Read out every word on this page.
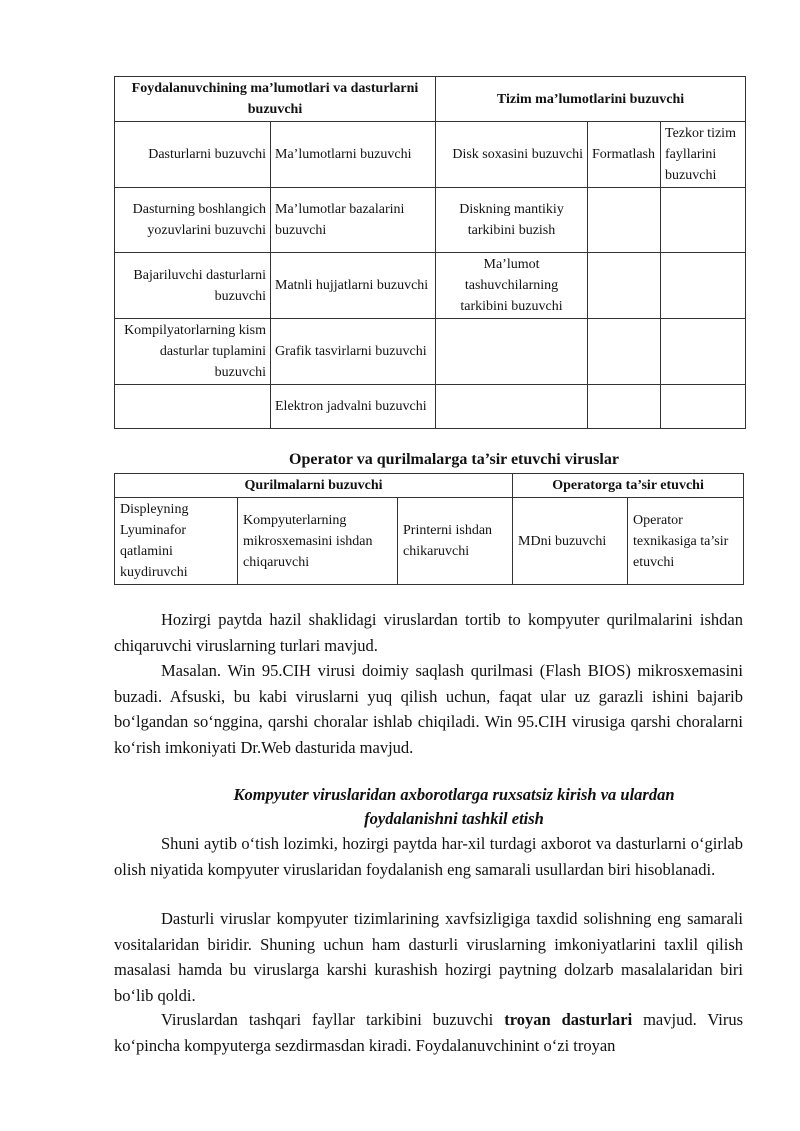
Foydalanuvchining ma’lumotlari va dasturlarni buzuvchi		Tizim ma’lumotlarini buzuvchi		
Dasturlarni buzuvchi	Ma’lumotlarni buzuvchi	Disk soxasini buzuvchi	Formatlash	Tezkor tizim fayllarini buzuvchi
Dasturning boshlangich yozuvlarini buzuvchi	Ma’lumotlar bazalarini buzuvchi	Diskning mantikiy tarkibini buzish		
Bajariluvchi dasturlarni buzuvchi	Matnli hujjatlarni buzuvchi	Ma’lumot tashuvchilarning tarkibini buzuvchi		
Kompilyatorlarning kism dasturlar tuplamini buzuvchi	Grafik tasvirlarni buzuvchi			
	Elektron jadvalni buzuvchi			
Operator va qurilmalarga ta’sir etuvchi viruslar
Qurilmalarni buzuvchi			Operatorga ta’sir etuvchi	
Displeyning Lyuminafor qatlamini kuydiruvchi	Kompyuterlarning mikrosxemasini ishdan chiqaruvchi	Printerni ishdan chikaruvchi	MDni buzuvchi	Operator texnikasiga ta’sir etuvchi
Hozirgi paytda hazil shaklidagi viruslardan tortib to kompyuter qurilmalarini ishdan chiqaruvchi viruslarning turlari mavjud.
Masalan. Win 95.CIH virusi doimiy saqlash qurilmasi (Flash BIOS) mikrosxemasini buzadi. Afsuski, bu kabi viruslarni yuq qilish uchun, faqat ular uz garazli ishini bajarib bo‘lgandan so‘nggina, qarshi choralar ishlab chiqiladi. Win 95.CIH virusiga qarshi choralarni ko‘rish imkoniyati Dr.Web dasturida mavjud.
Kompyuter viruslaridan axborotlarga ruxsatsiz kirish va ulardan
foydalanishni tashkil etish
Shuni aytib o‘tish lozimki, hozirgi paytda har-xil turdagi axborot va dasturlarni o‘girlab olish niyatida kompyuter viruslaridan foydalanish eng samarali usullardan biri hisoblanadi.
Dasturli viruslar kompyuter tizimlarining xavfsizligiga taxdid solishning eng samarali vositalaridan biridir. Shuning uchun ham dasturli viruslarning imkoniyatlarini taxlil qilish masalasi hamda bu viruslarga karshi kurashish hozirgi paytning dolzarb masalalaridan biri bo‘lib qoldi.
Viruslardan tashqari fayllar tarkibini buzuvchi troyan dasturlari mavjud. Virus ko‘pincha kompyuterga sezdirmasdan kiradi. Foydalanuvchinint o‘zi troyan
